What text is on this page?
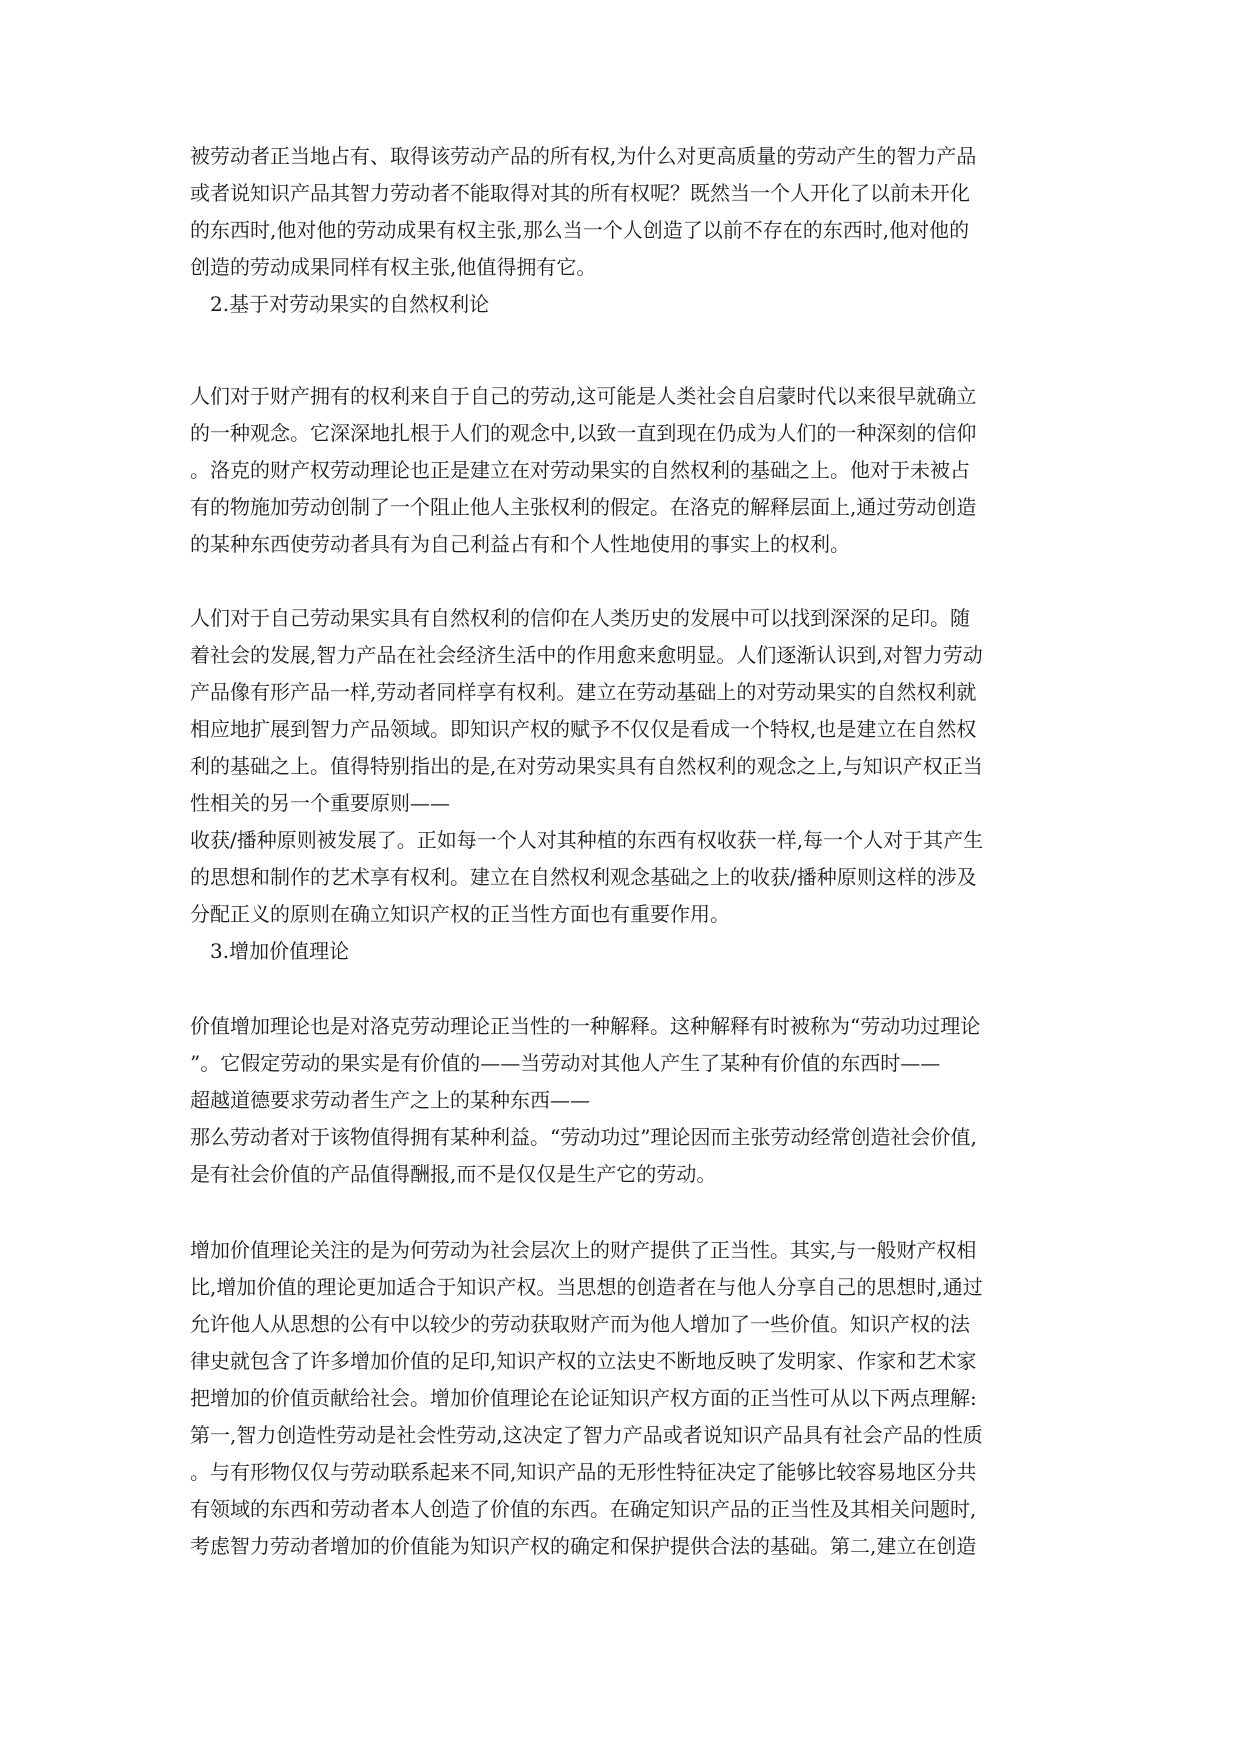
被劳动者正当地占有、取得该劳动产品的所有权,为什么对更高质量的劳动产生的智力产品
或者说知识产品其智力劳动者不能取得对其的所有权呢？既然当一个人开化了以前未开化
的东西时,他对他的劳动成果有权主张,那么当一个人创造了以前不存在的东西时,他对他的
创造的劳动成果同样有权主张,他值得拥有它。
2.基于对劳动果实的自然权利论
人们对于财产拥有的权利来自于自己的劳动,这可能是人类社会自启蒙时代以来很早就确立
的一种观念。它深深地扎根于人们的观念中,以致一直到现在仍成为人们的一种深刻的信仰
。洛克的财产权劳动理论也正是建立在对劳动果实的自然权利的基础之上。他对于未被占
有的物施加劳动创制了一个阻止他人主张权利的假定。在洛克的解释层面上,通过劳动创造
的某种东西使劳动者具有为自己利益占有和个人性地使用的事实上的权利。
人们对于自己劳动果实具有自然权利的信仰在人类历史的发展中可以找到深深的足印。随
着社会的发展,智力产品在社会经济生活中的作用愈来愈明显。人们逐渐认识到,对智力劳动
产品像有形产品一样,劳动者同样享有权利。建立在劳动基础上的对劳动果实的自然权利就
相应地扩展到智力产品领域。即知识产权的赋予不仅仅是看成一个特权,也是建立在自然权
利的基础之上。值得特别指出的是,在对劳动果实具有自然权利的观念之上,与知识产权正当
性相关的另一个重要原则——
收获/播种原则被发展了。正如每一个人对其种植的东西有权收获一样,每一个人对于其产生
的思想和制作的艺术享有权利。建立在自然权利观念基础之上的收获/播种原则这样的涉及
分配正义的原则在确立知识产权的正当性方面也有重要作用。
3.增加价值理论
价值增加理论也是对洛克劳动理论正当性的一种解释。这种解释有时被称为“劳动功过理论
”。它假定劳动的果实是有价值的——当劳动对其他人产生了某种有价值的东西时——
超越道德要求劳动者生产之上的某种东西——
那么劳动者对于该物值得拥有某种利益。“劳动功过”理论因而主张劳动经常创造社会价值,
是有社会价值的产品值得酬报,而不是仅仅是生产它的劳动。
增加价值理论关注的是为何劳动为社会层次上的财产提供了正当性。其实,与一般财产权相
比,增加价值的理论更加适合于知识产权。当思想的创造者在与他人分享自己的思想时,通过
允许他人从思想的公有中以较少的劳动获取财产而为他人增加了一些价值。知识产权的法
律史就包含了许多增加价值的足印,知识产权的立法史不断地反映了发明家、作家和艺术家
把增加的价值贡献给社会。增加价值理论在论证知识产权方面的正当性可从以下两点理解:
第一,智力创造性劳动是社会性劳动,这决定了智力产品或者说知识产品具有社会产品的性质
。与有形物仅仅与劳动联系起来不同,知识产品的无形性特征决定了能够比较容易地区分共
有领域的东西和劳动者本人创造了价值的东西。在确定知识产品的正当性及其相关问题时,
考虑智力劳动者增加的价值能为知识产权的确定和保护提供合法的基础。第二,建立在创造
